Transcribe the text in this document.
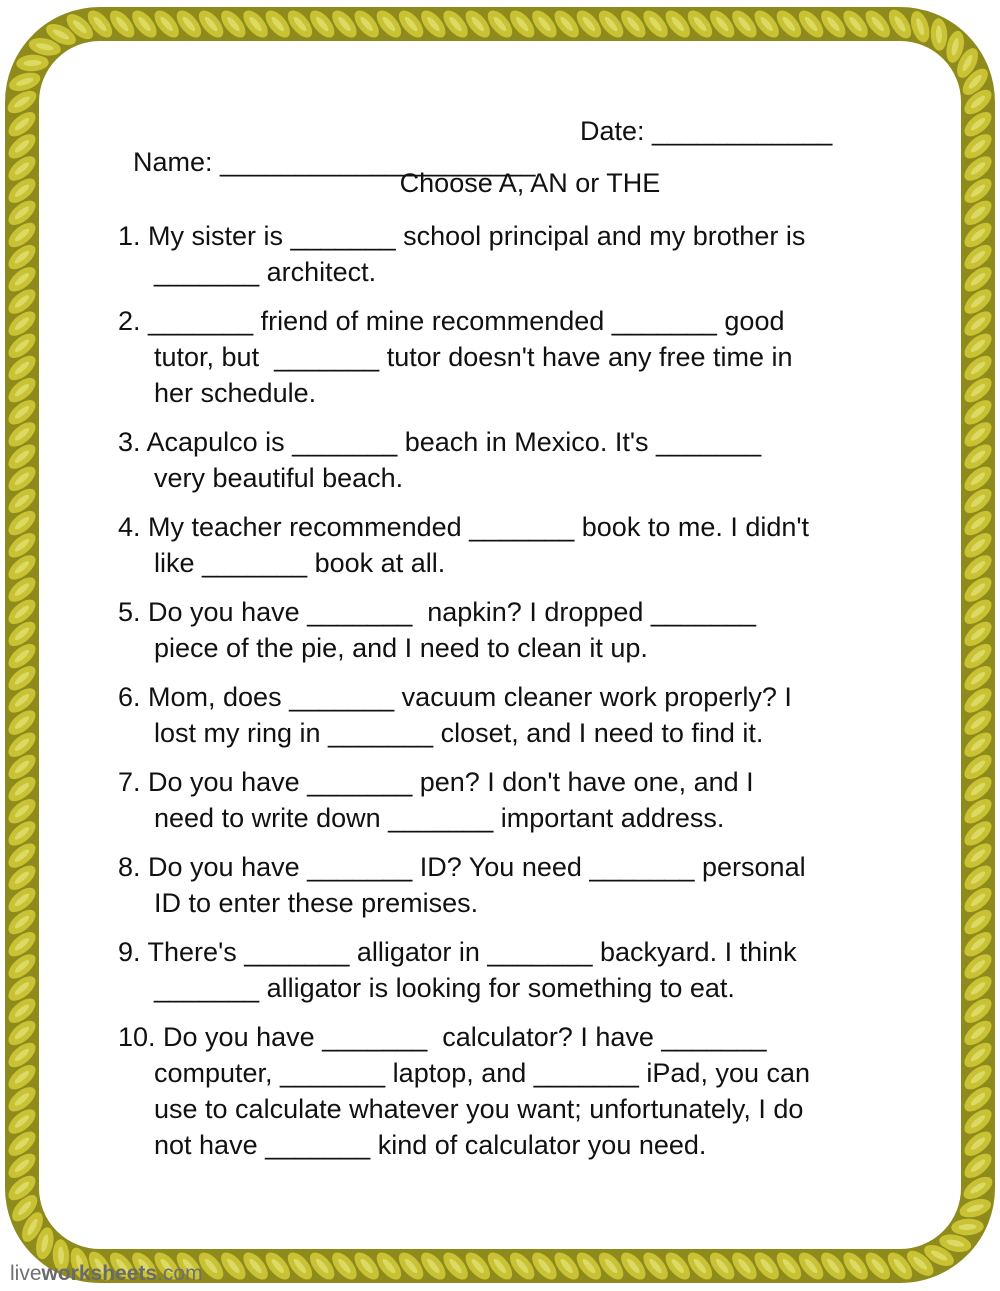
Name: _____________________

Date: ____________

Choose A, AN or THE
1. My sister is _______ school principal and my brother is
_______ architect.
2. _______ friend of mine recommended _______ good
tutor, but  _______ tutor doesn't have any free time in
her schedule.
3. Acapulco is _______ beach in Mexico. It's _______
very beautiful beach.
4. My teacher recommended _______ book to me. I didn't
like _______ book at all.
5. Do you have _______  napkin? I dropped _______
piece of the pie, and I need to clean it up.
6. Mom, does _______ vacuum cleaner work properly? I
lost my ring in _______ closet, and I need to find it.
7. Do you have _______ pen? I don't have one, and I
need to write down _______ important address.
8. Do you have _______ ID? You need _______ personal
ID to enter these premises.
9. There's _______ alligator in _______ backyard. I think
_______ alligator is looking for something to eat.
10. Do you have _______  calculator? I have _______
computer, _______ laptop, and _______ iPad, you can
use to calculate whatever you want; unfortunately, I do
not have _______ kind of calculator you need.
liveworksheets.com
